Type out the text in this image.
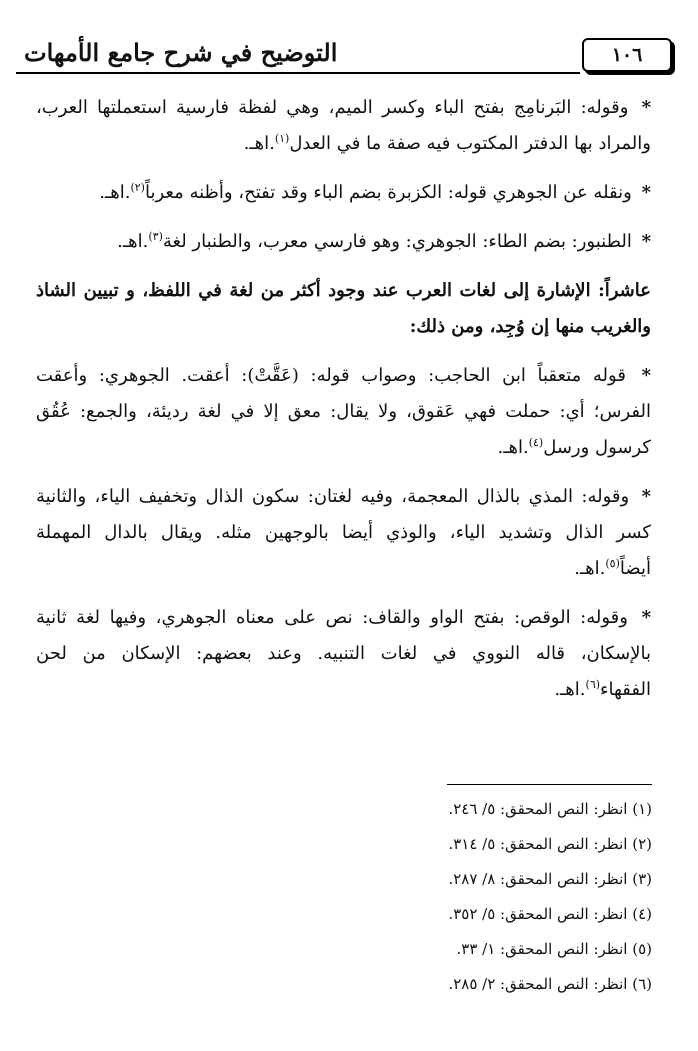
١٠٦
التوضيح في شرح جامع الأمهات

* وقوله: البَرنامِج بفتح الباء وكسر الميم، وهي لفظة فارسية استعملتها العرب، والمراد بها الدفتر المكتوب فيه صفة ما في العدل$^{(١)}$.اهـ.

* ونقله عن الجوهري قوله: الكزبرة بضم الباء وقد تفتح، وأظنه معرباً$^{(٢)}$.اهـ.

* الطنبور: بضم الطاء: الجوهري: وهو فارسي معرب، والطنبار لغة$^{(٣)}$.اهـ.

عاشراً: الإشارة إلى لغات العرب عند وجود أكثر من لغة في اللفظ، و تبيين الشاذ والغريب منها إن وُجِد، ومن ذلك:

* قوله متعقباً ابن الحاجب: وصواب قوله: (عَقَّتْ): أعقت. الجوهري: وأعقت الفرس؛ أي: حملت فهي عَقوق، ولا يقال: معق إلا في لغة رديئة، والجمع: عُقُق كرسول ورسل$^{(٤)}$.اهـ.

* وقوله: المذي بالذال المعجمة، وفيه لغتان: سكون الذال وتخفيف الياء، والثانية كسر الذال وتشديد الياء، والوذي أيضا بالوجهين مثله. ويقال بالدال المهملة أيضاً$^{(٥)}$.اهـ.

* وقوله: الوقص: بفتح الواو والقاف: نص على معناه الجوهري، وفيها لغة ثانية بالإسكان، قاله النووي في لغات التنبيه. وعند بعضهم: الإسكان من لحن الفقهاء$^{(٦)}$.اهـ.

(١) انظر: النص المحقق: ٥/ ٢٤٦.

(٢) انظر: النص المحقق: ٥/ ٣١٤.

(٣) انظر: النص المحقق: ٨/ ٢٨٧.

(٤) انظر: النص المحقق: ٥/ ٣٥٢.

(٥) انظر: النص المحقق: ١/ ٣٣.

(٦) انظر: النص المحقق: ٢/ ٢٨٥.
